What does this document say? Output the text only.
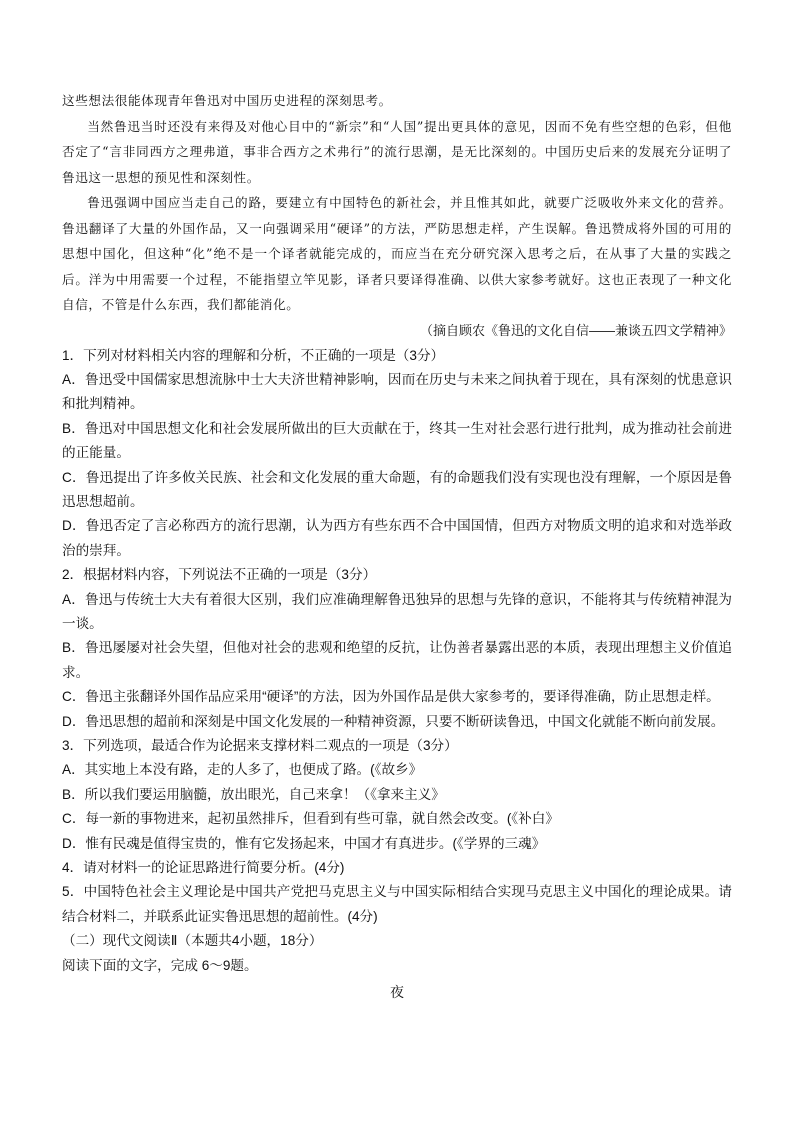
这些想法很能体现青年鲁迅对中国历史进程的深刻思考。

当然鲁迅当时还没有来得及对他心目中的“新宗”和“人国”提出更具体的意见，因而不免有些空想的色彩，但他否定了“言非同西方之理弗道，事非合西方之术弗行”的流行思潮，是无比深刻的。中国历史后来的发展充分证明了鲁迅这一思想的预见性和深刻性。

鲁迅强调中国应当走自己的路，要建立有中国特色的新社会，并且惟其如此，就要广泛吸收外来文化的营养。鲁迅翻译了大量的外国作品，又一向强调采用“硬译”的方法，严防思想走样，产生误解。鲁迅赞成将外国的可用的思想中国化，但这种“化”绝不是一个译者就能完成的，而应当在充分研究深入思考之后，在从事了大量的实践之后。洋为中用需要一个过程，不能指望立竿见影，译者只要译得准确、以供大家参考就好。这也正表现了一种文化自信，不管是什么东西，我们都能消化。

（摘自顾农《鲁迅的文化自信——兼谈五四文学精神》

1．下列对材料相关内容的理解和分析，不正确的一项是（3分）

A．鲁迅受中国儒家思想流脉中士大夫济世精神影响，因而在历史与未来之间执着于现在，具有深刻的忧患意识和批判精神。

B．鲁迅对中国思想文化和社会发展所做出的巨大贡献在于，终其一生对社会恶行进行批判，成为推动社会前进的正能量。

C．鲁迅提出了许多攸关民族、社会和文化发展的重大命题，有的命题我们没有实现也没有理解，一个原因是鲁迅思想超前。

D．鲁迅否定了言必称西方的流行思潮，认为西方有些东西不合中国国情，但西方对物质文明的追求和对选举政治的崇拜。

2．根据材料内容，下列说法不正确的一项是（3分）

A．鲁迅与传统士大夫有着很大区别，我们应准确理解鲁迅独异的思想与先锋的意识，不能将其与传统精神混为一谈。

B．鲁迅屡屡对社会失望，但他对社会的悲观和绝望的反抗，让伪善者暴露出恶的本质，表现出理想主义价值追求。

C．鲁迅主张翻译外国作品应采用“硬译”的方法，因为外国作品是供大家参考的，要译得准确，防止思想走样。

D．鲁迅思想的超前和深刻是中国文化发展的一种精神资源，只要不断研读鲁迅，中国文化就能不断向前发展。

3．下列选项，最适合作为论据来支撑材料二观点的一项是（3分）

A．其实地上本没有路，走的人多了，也便成了路。(《故乡》

B．所以我们要运用脑髓，放出眼光，自己来拿！（《拿来主义》

C．每一新的事物进来，起初虽然排斥，但看到有些可靠，就自然会改变。(《补白》

D．惟有民魂是值得宝贵的，惟有它发扬起来，中国才有真进步。(《学界的三魂》

4．请对材料一的论证思路进行简要分析。(4分)

5．中国特色社会主义理论是中国共产党把马克思主义与中国实际相结合实现马克思主义中国化的理论成果。请结合材料二，并联系此证实鲁迅思想的超前性。(4分)

（二）现代文阅读Ⅱ（本题共4小题，18分）

阅读下面的文字，完成 6～9题。

夜
